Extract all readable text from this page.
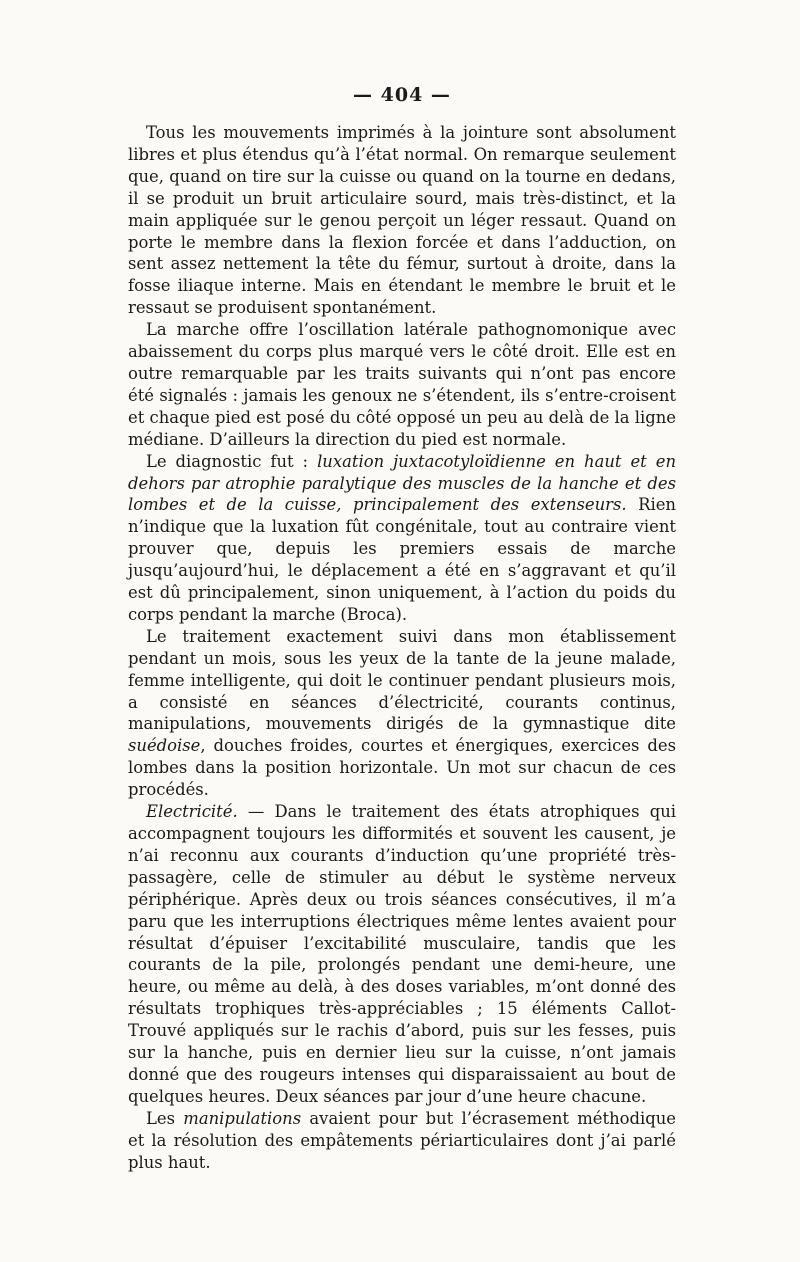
— 404 —

Tous les mouvements imprimés à la jointure sont absolument libres et plus étendus qu’à l’état normal. On remarque seulement que, quand on tire sur la cuisse ou quand on la tourne en dedans, il se produit un bruit articulaire sourd, mais très-distinct, et la main appliquée sur le genou perçoit un léger ressaut. Quand on porte le membre dans la flexion forcée et dans l’adduction, on sent assez nettement la tête du fémur, surtout à droite, dans la fosse iliaque interne. Mais en étendant le membre le bruit et le ressaut se produisent spontanément.

La marche offre l’oscillation latérale pathognomonique avec abaissement du corps plus marqué vers le côté droit. Elle est en outre remarquable par les traits suivants qui n’ont pas encore été signalés : jamais les genoux ne s’étendent, ils s’entre-croisent et chaque pied est posé du côté opposé un peu au delà de la ligne médiane. D’ailleurs la direction du pied est normale.

Le diagnostic fut : luxation juxtacotyloïdienne en haut et en dehors par atrophie paralytique des muscles de la hanche et des lombes et de la cuisse, principalement des extenseurs. Rien n’indique que la luxation fût congénitale, tout au contraire vient prouver que, depuis les premiers essais de marche jusqu’aujourd’hui, le déplacement a été en s’aggravant et qu’il est dû principalement, sinon uniquement, à l’action du poids du corps pendant la marche (Broca).

Le traitement exactement suivi dans mon établissement pendant un mois, sous les yeux de la tante de la jeune malade, femme intelligente, qui doit le continuer pendant plusieurs mois, a consisté en séances d’électricité, courants continus, manipulations, mouvements dirigés de la gymnastique dite suédoise, douches froides, courtes et énergiques, exercices des lombes dans la position horizontale. Un mot sur chacun de ces procédés.

Electricité. — Dans le traitement des états atrophiques qui accompagnent toujours les difformités et souvent les causent, je n’ai reconnu aux courants d’induction qu’une propriété très-passagère, celle de stimuler au début le système nerveux périphérique. Après deux ou trois séances consécutives, il m’a paru que les interruptions électriques même lentes avaient pour résultat d’épuiser l’excitabilité musculaire, tandis que les courants de la pile, prolongés pendant une demi-heure, une heure, ou même au delà, à des doses variables, m’ont donné des résultats trophiques très-appréciables ; 15 éléments Callot-Trouvé appliqués sur le rachis d’abord, puis sur les fesses, puis sur la hanche, puis en dernier lieu sur la cuisse, n’ont jamais donné que des rougeurs intenses qui disparaissaient au bout de quelques heures. Deux séances par jour d’une heure chacune.

Les manipulations avaient pour but l’écrasement méthodique et la résolution des empâtements périarticulaires dont j’ai parlé plus haut.
